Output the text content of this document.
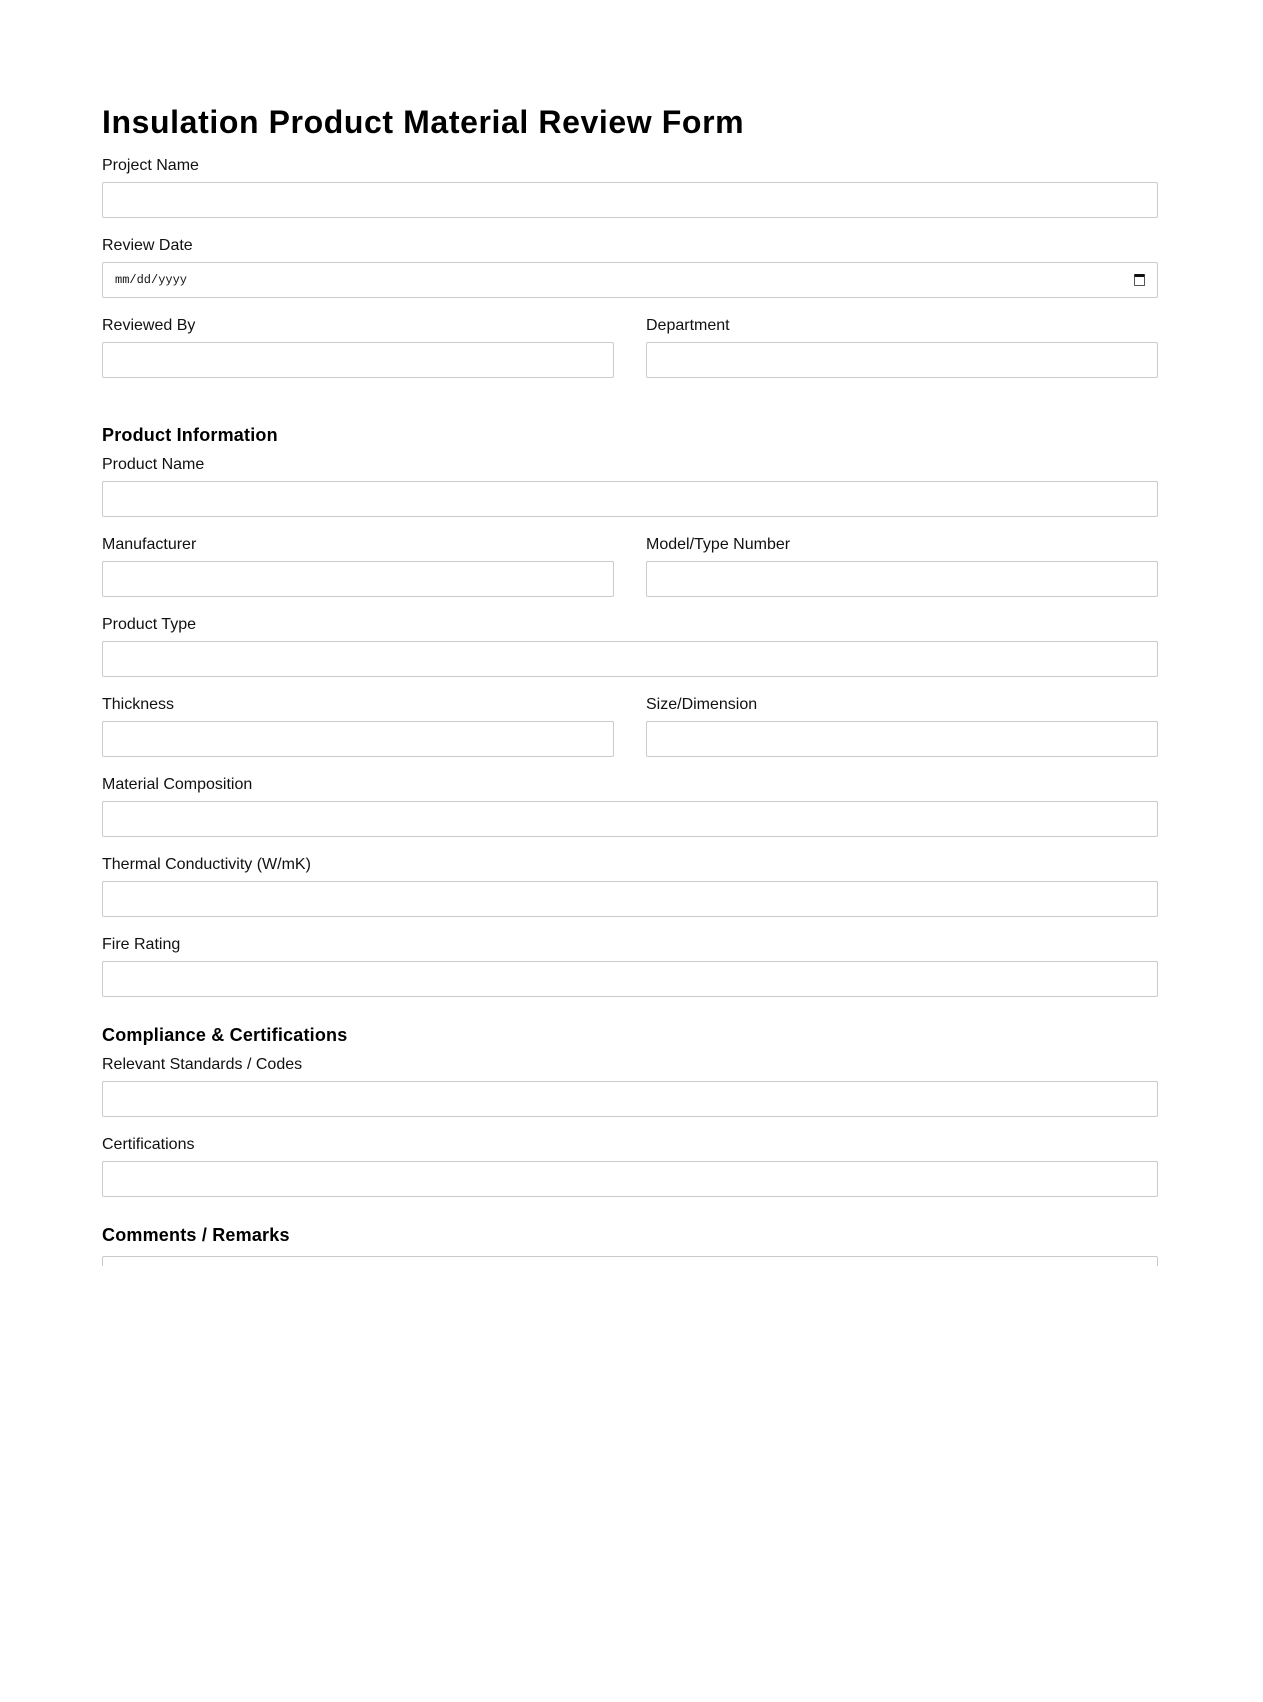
Insulation Product Material Review Form
Project Name
Review Date
mm/dd/yyyy
Reviewed By	Department
Product Information
Product Name
Manufacturer	Model/Type Number
Product Type
Thickness	Size/Dimension
Material Composition
Thermal Conductivity (W/mK)
Fire Rating
Compliance & Certifications
Relevant Standards / Codes
Certifications
Comments / Remarks
